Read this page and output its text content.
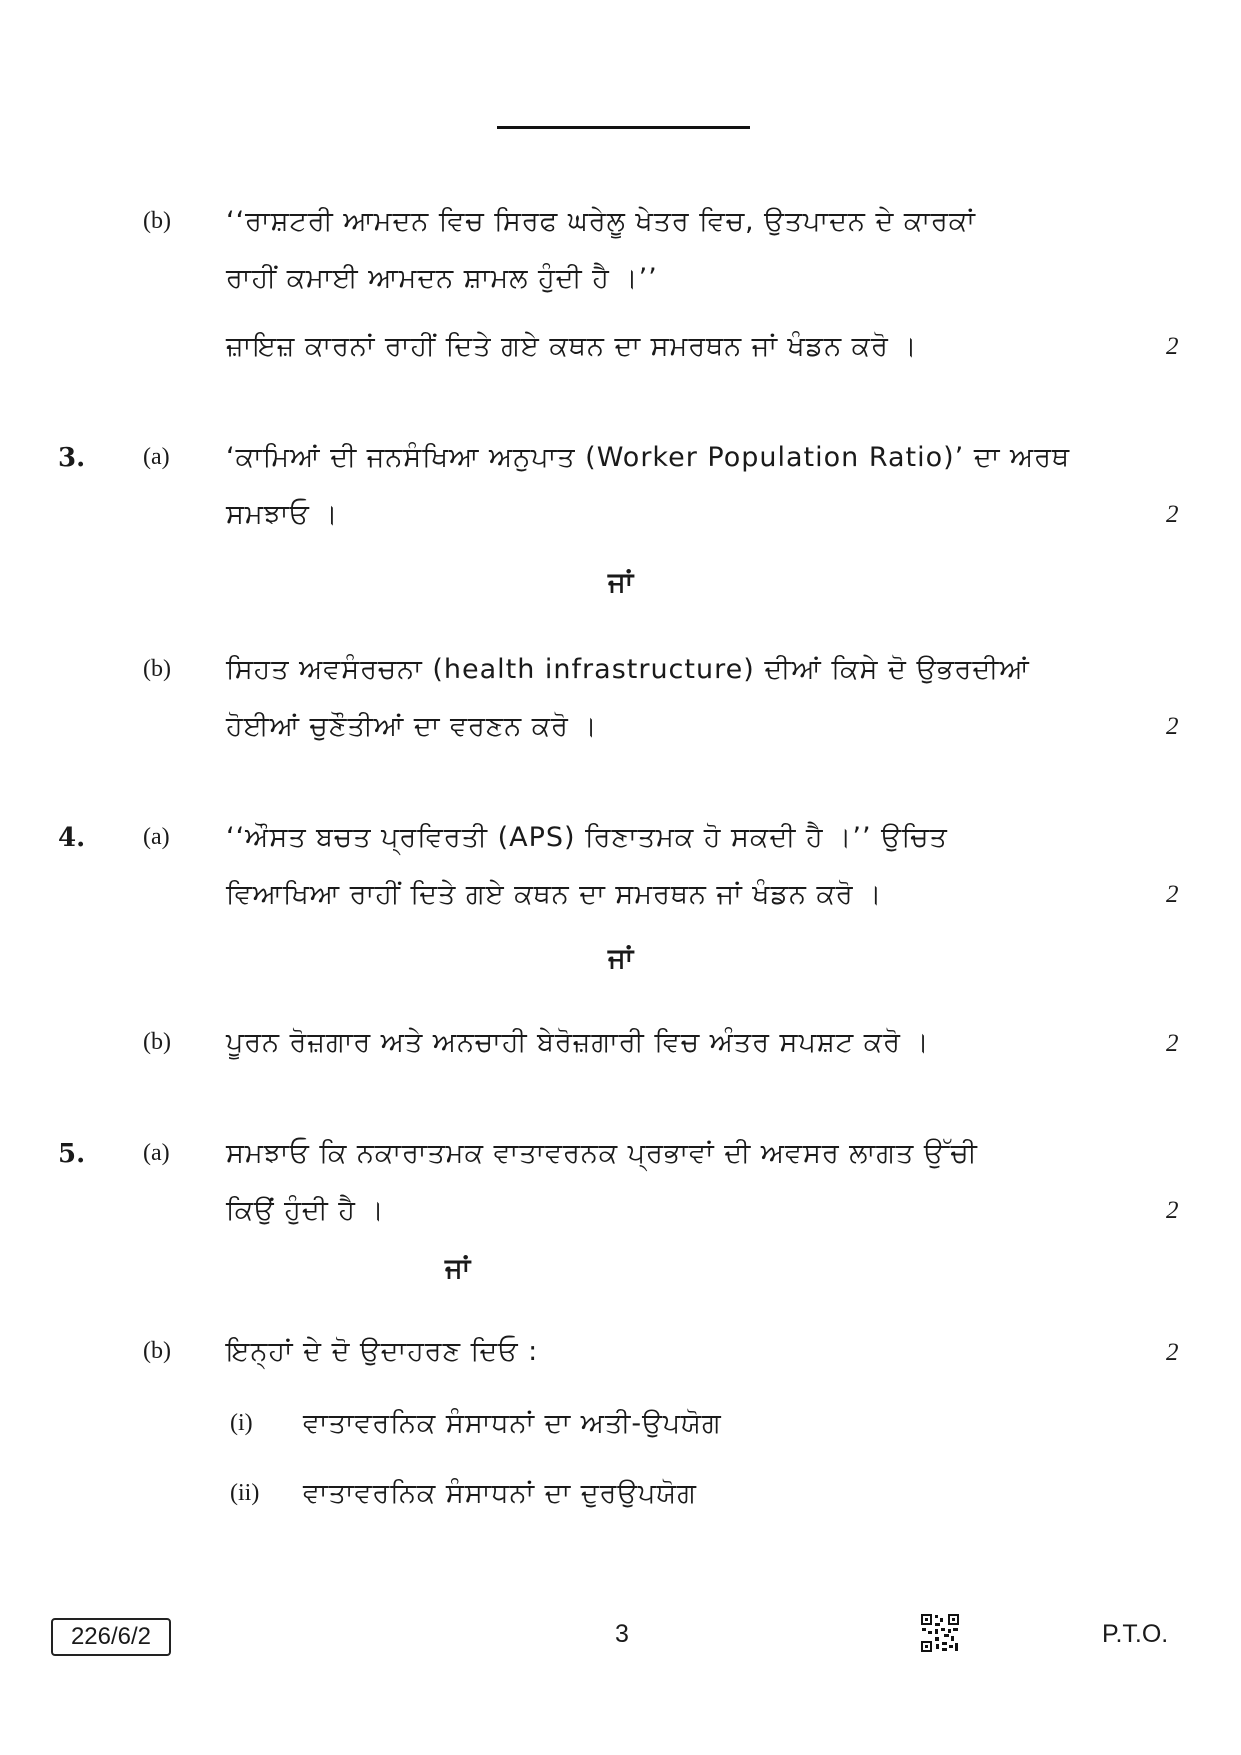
(b) ‘‘ਰਾਸ਼ਟਰੀ ਆਮਦਨ ਵਿਚ ਸਿਰਫ ਘਰੇਲੂ ਖੇਤਰ ਵਿਚ, ਉਤਪਾਦਨ ਦੇ ਕਾਰਕਾਂ
ਰਾਹੀਂ ਕਮਾਈ ਆਮਦਨ ਸ਼ਾਮਲ ਹੁੰਦੀ ਹੈ ।’’
ਜ਼ਾਇਜ਼ ਕਾਰਨਾਂ ਰਾਹੀਂ ਦਿਤੇ ਗਏ ਕਥਨ ਦਾ ਸਮਰਥਨ ਜਾਂ ਖੰਡਨ ਕਰੋ ।	2
3. (a) ‘ਕਾਮਿਆਂ ਦੀ ਜਨਸੰਖਿਆ ਅਨੁਪਾਤ (Worker Population Ratio)’ ਦਾ ਅਰਥ
ਸਮਝਾਓ ।	2
ਜਾਂ
(b) ਸਿਹਤ ਅਵਸੰਰਚਨਾ (health infrastructure) ਦੀਆਂ ਕਿਸੇ ਦੋ ਉਭਰਦੀਆਂ
ਹੋਈਆਂ ਚੁਣੌਤੀਆਂ ਦਾ ਵਰਣਨ ਕਰੋ ।	2
4. (a) ‘‘ਔਸਤ ਬਚਤ ਪ੍ਰਵਿਰਤੀ (APS) ਰਿਣਾਤਮਕ ਹੋ ਸਕਦੀ ਹੈ ।’’ ਉਚਿਤ
ਵਿਆਖਿਆ ਰਾਹੀਂ ਦਿਤੇ ਗਏ ਕਥਨ ਦਾ ਸਮਰਥਨ ਜਾਂ ਖੰਡਨ ਕਰੋ ।	2
ਜਾਂ
(b) ਪੂਰਨ ਰੋਜ਼ਗਾਰ ਅਤੇ ਅਨਚਾਹੀ ਬੇਰੋਜ਼ਗਾਰੀ ਵਿਚ ਅੰਤਰ ਸਪਸ਼ਟ ਕਰੋ ।	2
5. (a) ਸਮਝਾਓ ਕਿ ਨਕਾਰਾਤਮਕ ਵਾਤਾਵਰਨਕ ਪ੍ਰਭਾਵਾਂ ਦੀ ਅਵਸਰ ਲਾਗਤ ਉੱਚੀ
ਕਿਉਂ ਹੁੰਦੀ ਹੈ ।	2
ਜਾਂ
(b) ਇਨ੍ਹਾਂ ਦੇ ਦੋ ਉਦਾਹਰਣ ਦਿਓ :	2
(i) ਵਾਤਾਵਰਨਿਕ ਸੰਸਾਧਨਾਂ ਦਾ ਅਤੀ-ਉਪਯੋਗ
(ii) ਵਾਤਾਵਰਨਿਕ ਸੰਸਾਧਨਾਂ ਦਾ ਦੁਰਉਪਯੋਗ
226/6/2	3	P.T.O.
